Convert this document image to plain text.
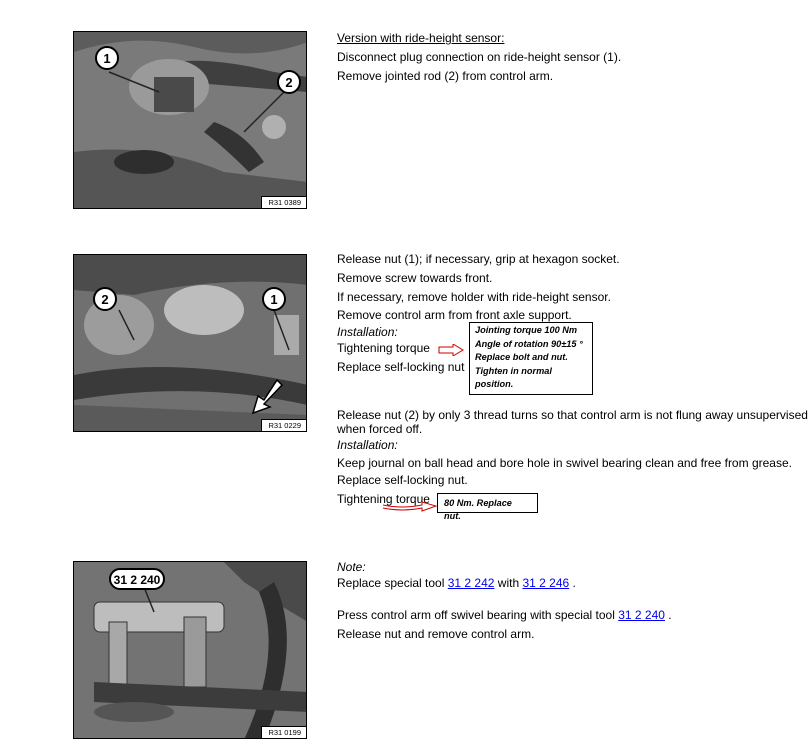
1
2
R31 0389
Version with ride-height sensor:
Disconnect plug connection on ride-height sensor (1).
Remove jointed rod (2) from control arm.
2	1
R31 0229
Release nut (1); if necessary, grip at hexagon socket.
Remove screw towards front.
If necessary, remove holder with ride-height sensor.
Remove control arm from front axle support.
Installation:
Tightening torque
Replace self-locking nut
Jointing torque 100 Nm
Angle of rotation 90±15 °
Replace bolt and nut.
Tighten in normal
position.
Release nut (2) by only 3 thread turns so that control arm is not flung away unsupervised
when forced off.
Installation:
Keep journal on ball head and bore hole in swivel bearing clean and free from grease.
Replace self-locking nut.
Tightening torque	80 Nm. Replace nut.
31 2 240
R31 0199
Note:
Replace special tool 31 2 242 with 31 2 246 .
Press control arm off swivel bearing with special tool 31 2 240 .
Release nut and remove control arm.
